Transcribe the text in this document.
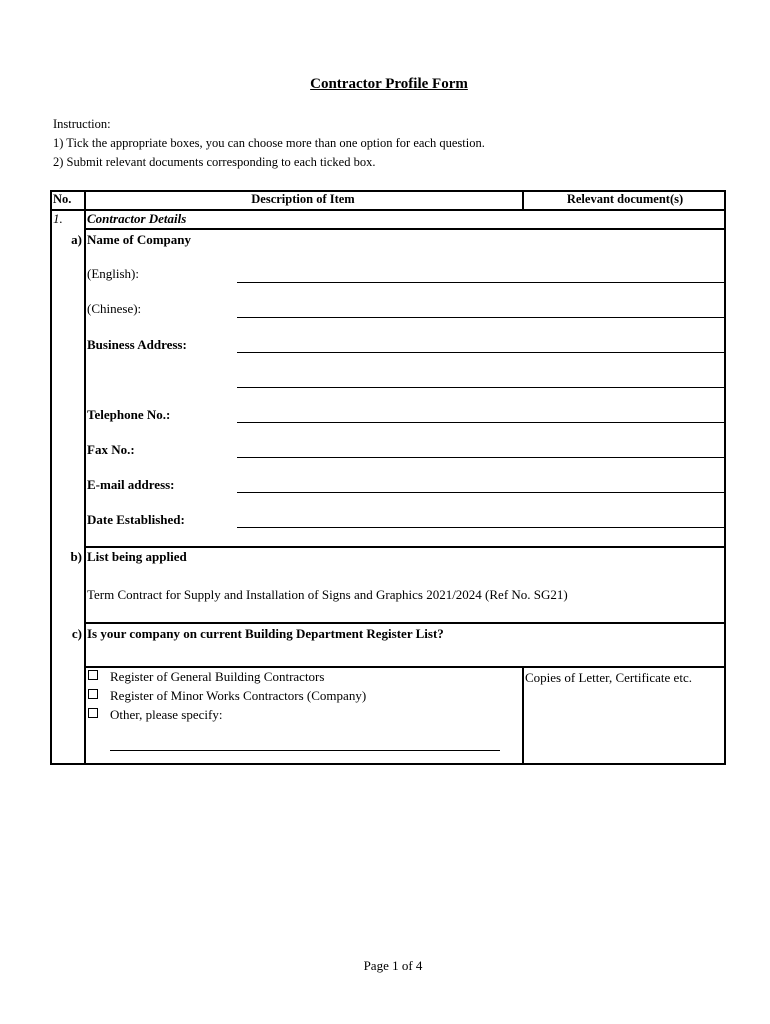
Contractor Profile Form
Instruction:
1) Tick the appropriate boxes, you can choose more than one option for each question.
2) Submit relevant documents corresponding to each ticked box.
No.	Description of Item	Relevant document(s)
1. Contractor Details
a) Name of Company
(English):
(Chinese):
Business Address:
Telephone No.:
Fax No.:
E-mail address:
Date Established:
b) List being applied
Term Contract for Supply and Installation of Signs and Graphics 2021/2024 (Ref No. SG21)
c) Is your company on current Building Department Register List?
Register of General Building Contractors
Register of Minor Works Contractors (Company)
Other, please specify:
Copies of Letter, Certificate etc.
Page 1 of 4
